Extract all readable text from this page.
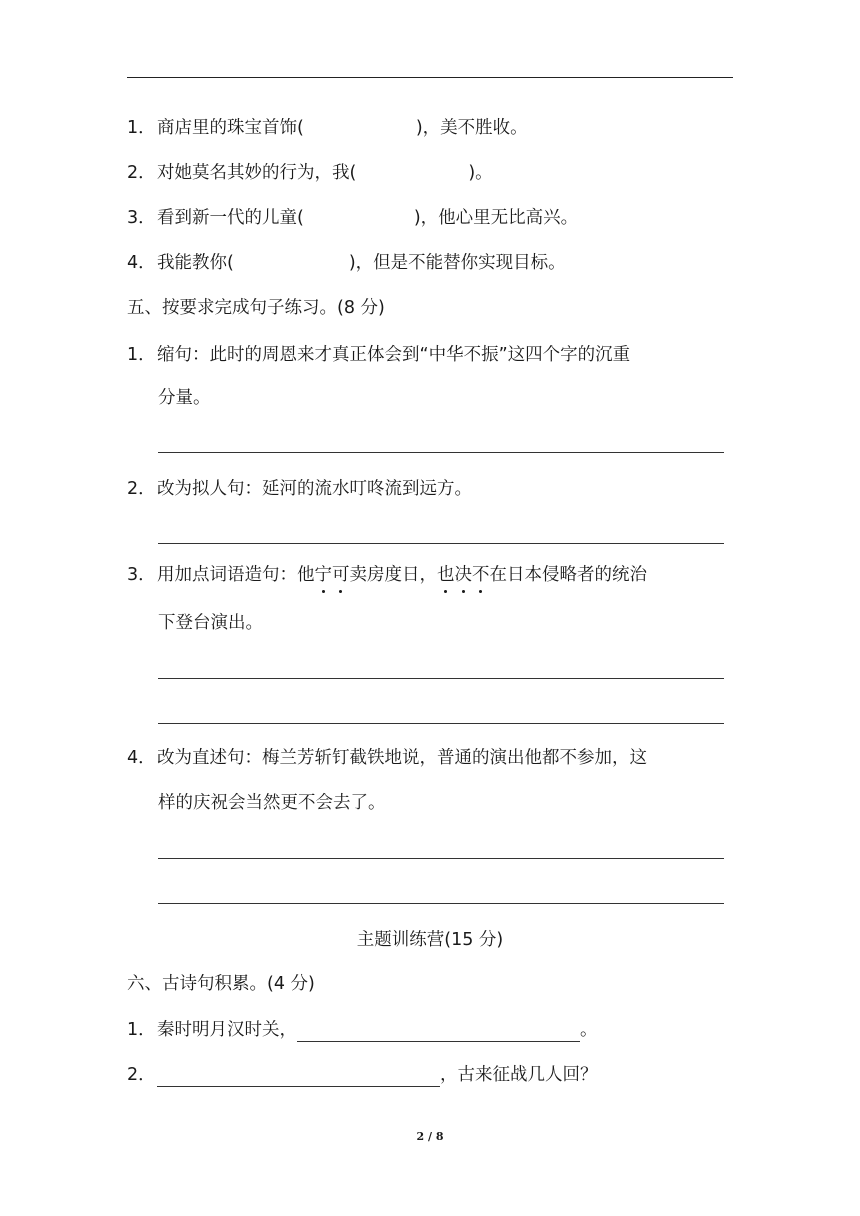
1．商店里的珠宝首饰(	)，美不胜收。
2．对她莫名其妙的行为，我(	)。
3．看到新一代的儿童(	)，他心里无比高兴。
4．我能教你(	)，但是不能替你实现目标。
五、按要求完成句子练习。(8 分)
1．缩句：此时的周恩来才真正体会到“中华不振”这四个字的沉重
分量。
2．改为拟人句：延河的流水叮咚流到远方。
3．用加点词语造句：他宁可卖房度日，也决不在日本侵略者的统治
下登台演出。
4．改为直述句：梅兰芳斩钉截铁地说，普通的演出他都不参加，这
样的庆祝会当然更不会去了。
主题训练营(15 分)
六、古诗句积累。(4 分)
1．秦时明月汉时关，	。
2．	，古来征战几人回？
2 / 8
